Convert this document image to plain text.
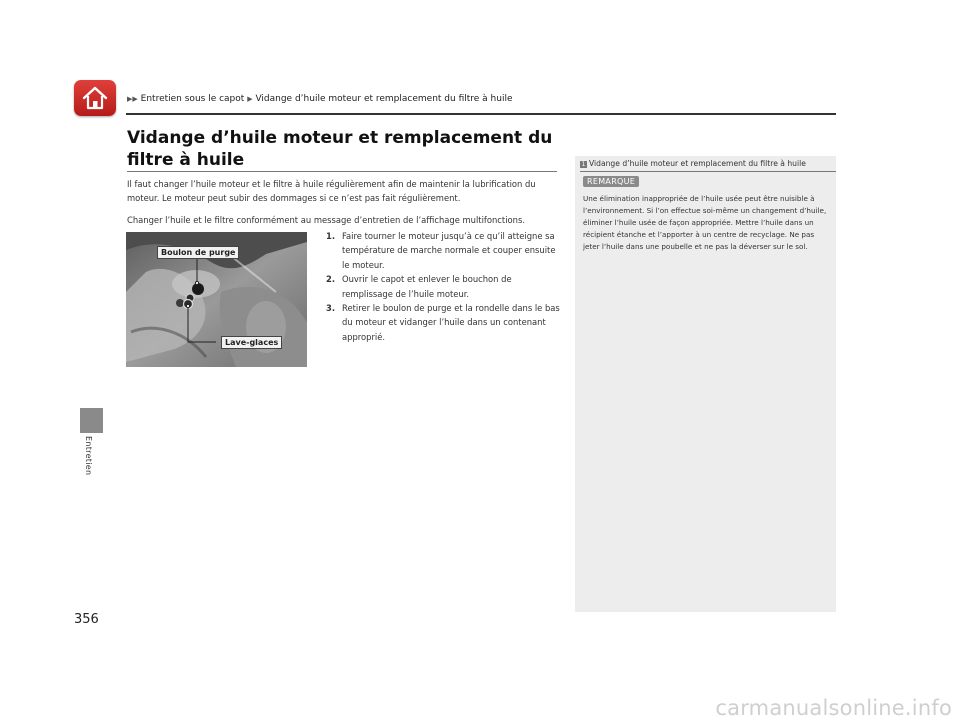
▶▶ Entretien sous le capot ▶ Vidange d’huile moteur et remplacement du filtre à huile
Vidange d’huile moteur et remplacement du filtre à huile

Il faut changer l’huile moteur et le filtre à huile régulièrement afin de maintenir la lubrification du moteur. Le moteur peut subir des dommages si ce n’est pas fait régulièrement.

Changer l’huile et le filtre conformément au message d’entretien de l’affichage multifonctions.

Boulon de purge
Lave-glaces

1. Faire tourner le moteur jusqu’à ce qu’il atteigne sa température de marche normale et couper ensuite le moteur.

2. Ouvrir le capot et enlever le bouchon de remplissage de l’huile moteur.

3. Retirer le boulon de purge et la rondelle dans le bas du moteur et vidanger l’huile dans un contenant approprié.

1 Vidange d’huile moteur et remplacement du filtre à huile
REMARQUE

Une élimination inappropriée de l’huile usée peut être nuisible à l’environnement. Si l’on effectue soi-même un changement d’huile, éliminer l’huile usée de façon appropriée. Mettre l’huile dans un récipient étanche et l’apporter à un centre de recyclage. Ne pas jeter l’huile dans une poubelle et ne pas la déverser sur le sol.

Entretien
356
carmanualsonline.info
